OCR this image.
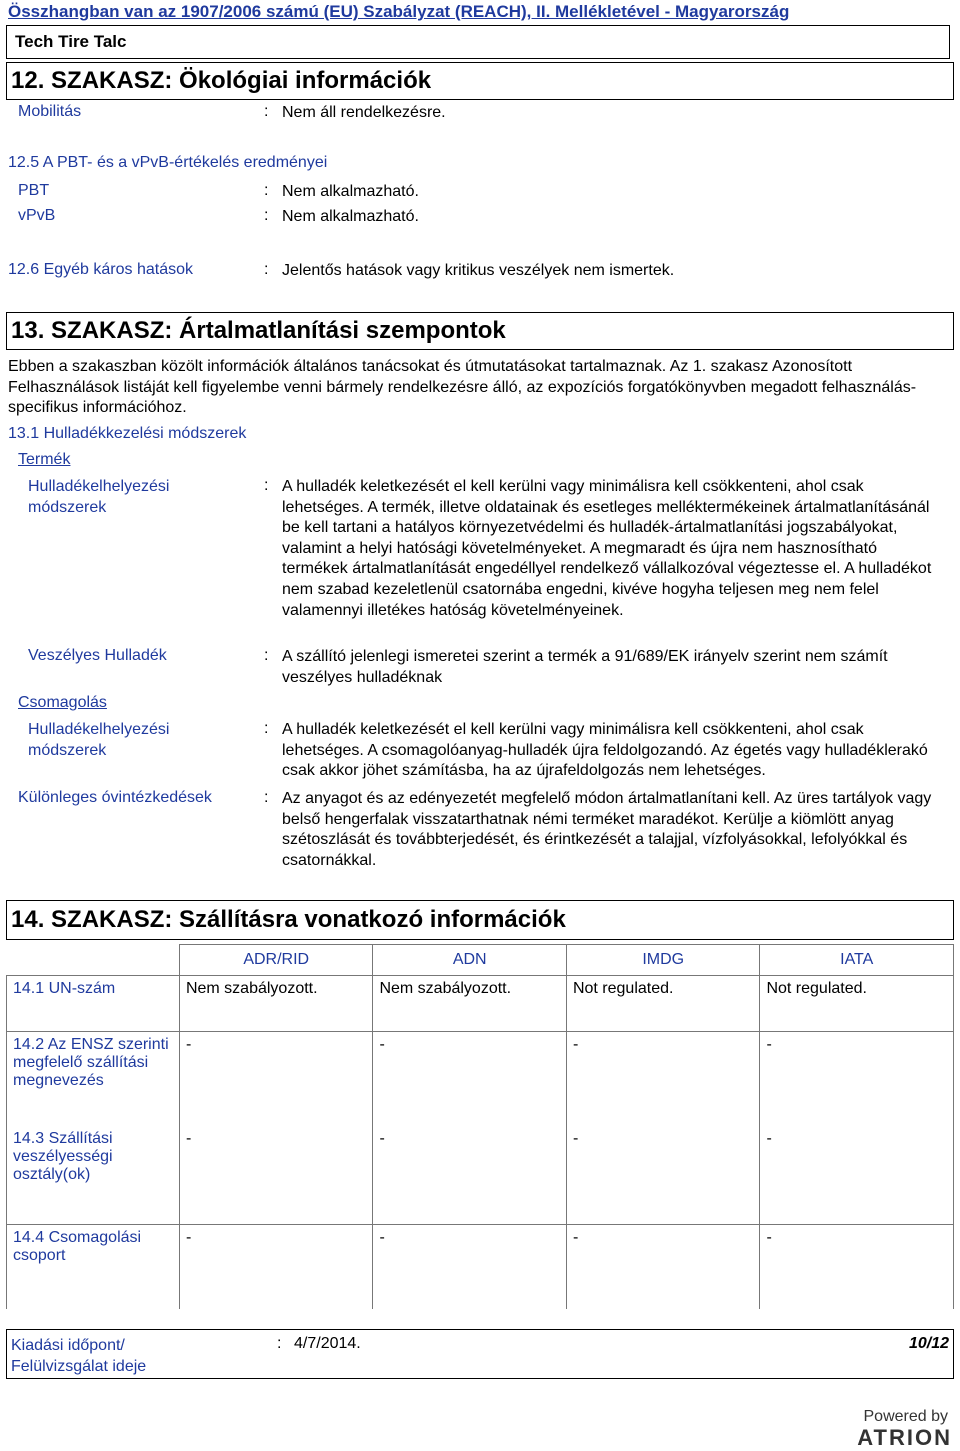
Összhangban van az 1907/2006 számú (EU) Szabályzat (REACH), II. Mellékletével - Magyarország
Tech Tire Talc
12. SZAKASZ: Ökológiai információk
Mobilitás	: Nem áll rendelkezésre.
12.5 A PBT- és a vPvB-értékelés eredményei
PBT	: Nem alkalmazható.
vPvB	: Nem alkalmazható.
12.6 Egyéb káros hatások	: Jelentős hatások vagy kritikus veszélyek nem ismertek.
13. SZAKASZ: Ártalmatlanítási szempontok
Ebben a szakaszban közölt információk általános tanácsokat és útmutatásokat tartalmaznak. Az 1. szakasz Azonosított Felhasználások listáját kell figyelembe venni bármely rendelkezésre álló, az expozíciós forgatókönyvben megadott felhasználás-specifikus információhoz.
13.1 Hulladékkezelési módszerek
Termék
Hulladékelhelyezési módszerek
: A hulladék keletkezését el kell kerülni vagy minimálisra kell csökkenteni, ahol csak lehetséges. A termék, illetve oldatainak és esetleges melléktermékeinek ártalmatlanításánál be kell tartani a hatályos környezetvédelmi és hulladék-ártalmatlanítási jogszabályokat, valamint a helyi hatósági követelményeket. A megmaradt és újra nem hasznosítható termékek ártalmatlanítását engedéllyel rendelkező vállalkozóval végeztesse el. A hulladékot nem szabad kezeletlenül csatornába engedni, kivéve hogyha teljesen meg nem felel valamennyi illetékes hatóság követelményeinek.
Veszélyes Hulladék	: A szállító jelenlegi ismeretei szerint a termék a 91/689/EK irányelv szerint nem számít veszélyes hulladéknak
Csomagolás
Hulladékelhelyezési módszerek
: A hulladék keletkezését el kell kerülni vagy minimálisra kell csökkenteni, ahol csak lehetséges. A csomagolóanyag-hulladék újra feldolgozandó. Az égetés vagy hulladéklerakó csak akkor jöhet számításba, ha az újrafeldolgozás nem lehetséges.
Különleges óvintézkedések	: Az anyagot és az edényezetét megfelelő módon ártalmatlanítani kell. Az üres tartályok vagy belső hengerfalak visszatarthatnak némi terméket maradékot. Kerülje a kiömlött anyag szétoszlását és továbbterjedését, és érintkezését a talajjal, vízfolyásokkal, lefolyókkal és csatornákkal.
14. SZAKASZ: Szállításra vonatkozó információk
	ADR/RID	ADN	IMDG	IATA
14.1 UN-szám	Nem szabályozott.	Nem szabályozott.	Not regulated.	Not regulated.
14.2 Az ENSZ szerinti megfelelő szállítási megnevezés	-	-	-	-
14.3 Szállítási veszélyességi osztály(ok)	-	-	-	-
14.4 Csomagolási csoport	-	-	-	-
Kiadási időpont/ Felülvizsgálat ideje
: 4/7/2014.	10/12
Powered by
ATRION
